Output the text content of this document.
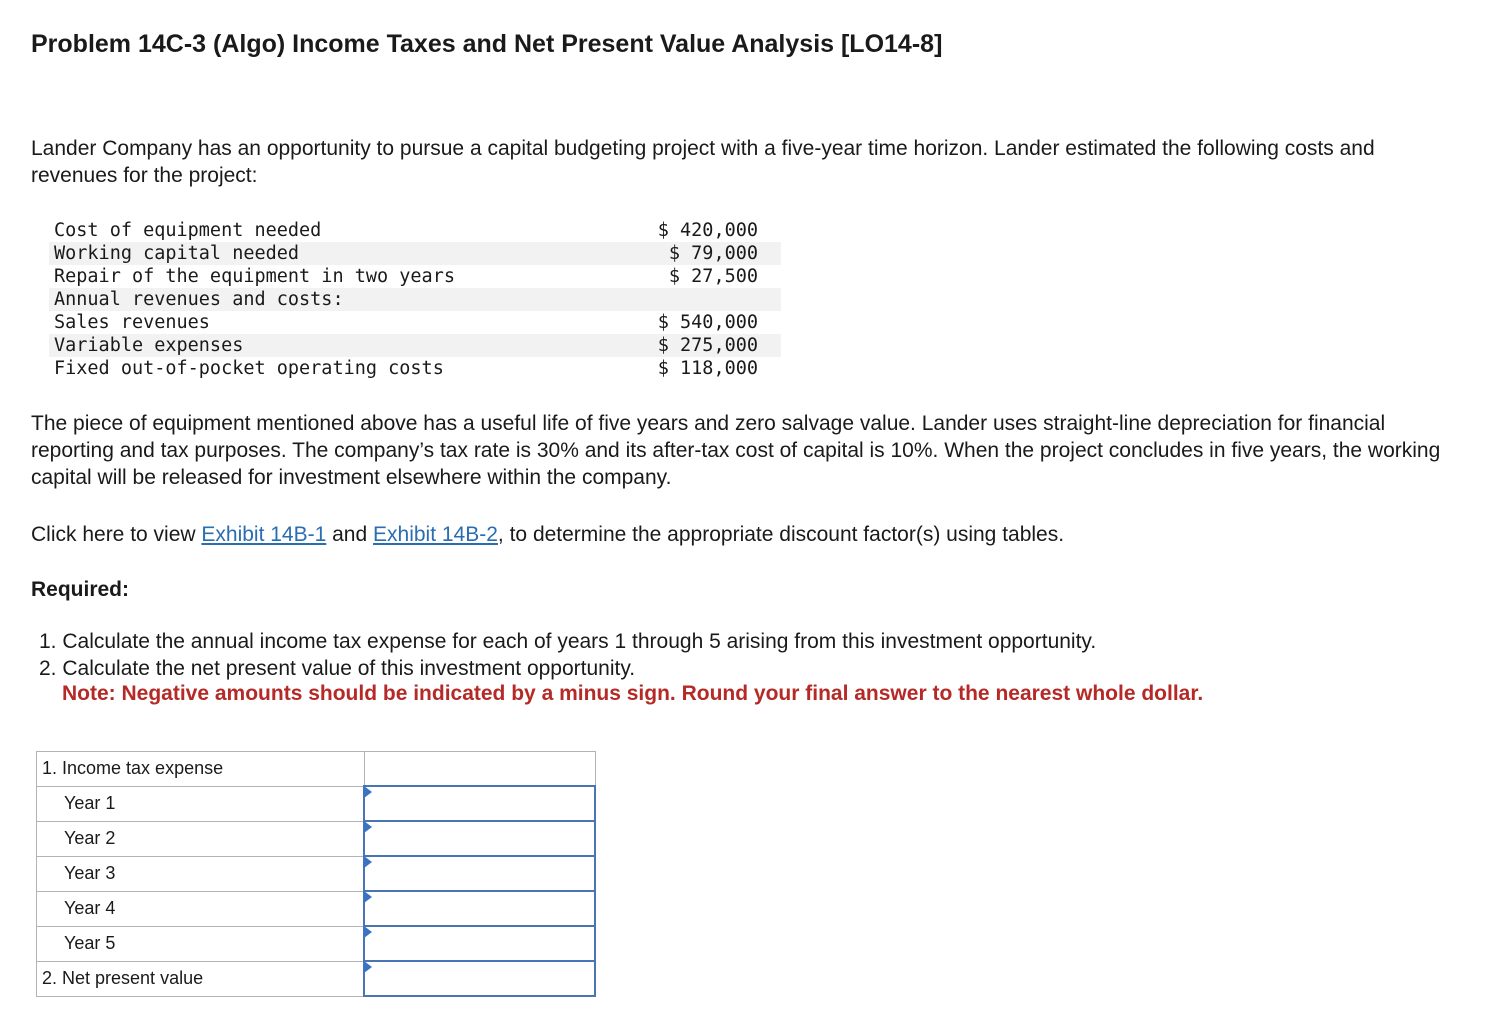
Problem 14C-3 (Algo) Income Taxes and Net Present Value Analysis [LO14-8]

Lander Company has an opportunity to pursue a capital budgeting project with a five-year time horizon. Lander estimated the following costs and revenues for the project:

Cost of equipment needed	$ 420,000
Working capital needed	$ 79,000
Repair of the equipment in two years	$ 27,500
Annual revenues and costs:	
Sales revenues	$ 540,000
Variable expenses	$ 275,000
Fixed out-of-pocket operating costs	$ 118,000

The piece of equipment mentioned above has a useful life of five years and zero salvage value. Lander uses straight-line depreciation for financial reporting and tax purposes. The company’s tax rate is 30% and its after-tax cost of capital is 10%. When the project concludes in five years, the working capital will be released for investment elsewhere within the company.

Click here to view Exhibit 14B-1 and Exhibit 14B-2, to determine the appropriate discount factor(s) using tables.

Required:

1. Calculate the annual income tax expense for each of years 1 through 5 arising from this investment opportunity.
2. Calculate the net present value of this investment opportunity.

Note: Negative amounts should be indicated by a minus sign. Round your final answer to the nearest whole dollar.

1. Income tax expense	
Year 1	

Year 2	

Year 3	

Year 4	

Year 5	

2. Net present value	
